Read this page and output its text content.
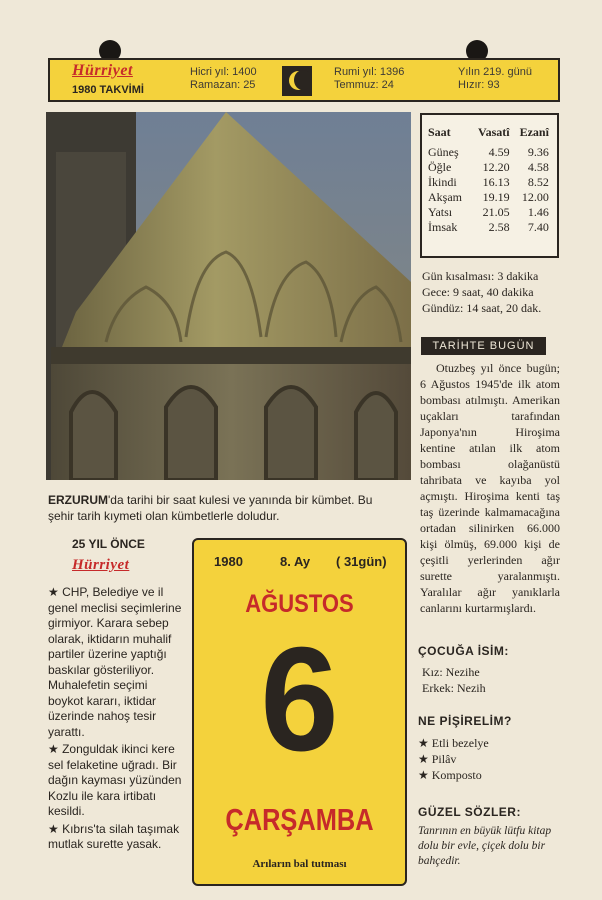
Hürriyet
1980 TAKVİMİ
Hicri yıl: 1400
Ramazan: 25
Rumi yıl: 1396
Temmuz: 24
Yılın 219. günü
Hızır: 93
Saat	Vasatî	Ezanî
Güneş	4.59	9.36
Öğle	12.20	4.58
İkindi	16.13	8.52
Akşam	19.19	12.00
Yatsı	21.05	1.46
İmsak	2.58	7.40
Gün kısalması: 3 dakika
Gece: 9 saat, 40 dakika
Gündüz: 14 saat, 20 dak.
TARİHTE BUGÜN
Otuzbeş yıl önce bugün; 6 Ağustos 1945'de ilk atom bombası atılmıştı. Amerikan uçakları tarafından Japonya'nın Hiroşima kentine atılan ilk atom bombası olağanüstü tahribata ve kayıba yol açmıştı. Hiroşima kenti taş taş üzerinde kalmamacağına ortadan silinirken 66.000 kişi ölmüş, 69.000 kişi de çeşitli yerlerinden ağır surette yaralanmıştı. Yaralılar ağır yanıklarla canlarını kurtarmışlardı.
ERZURUM'da tarihi bir saat kulesi ve yanında bir kümbet. Bu şehir tarih kıymeti olan kümbetlerle doludur.
25 YIL ÖNCE
Hürriyet

★ CHP, Belediye ve il genel meclisi seçimlerine girmiyor. Karara sebep olarak, iktidarın muhalif partiler üzerine yaptığı baskılar gösteriliyor. Muhalefetin seçimi boykot kararı, iktidar üzerinde nahoş tesir yarattı.

★ Zonguldak ikinci kere sel felaketine uğradı. Bir dağın kayması yüzünden Kozlu ile kara irtibatı kesildi.

★ Kıbrıs'ta silah taşımak mutlak surette yasak.

1980	8. Ay ( 31gün)
AĞUSTOS
6
ÇARŞAMBA
Arıların bal tutması
ÇOCUĞA İSİM:
Kız: Nezihe
Erkek: Nezih
NE PİŞİRELİM?
★ Etli bezelye
★ Pilâv
★ Komposto
GÜZEL SÖZLER:
Tanrının en büyük lütfu kitap dolu bir evle, çiçek dolu bir bahçedir.
